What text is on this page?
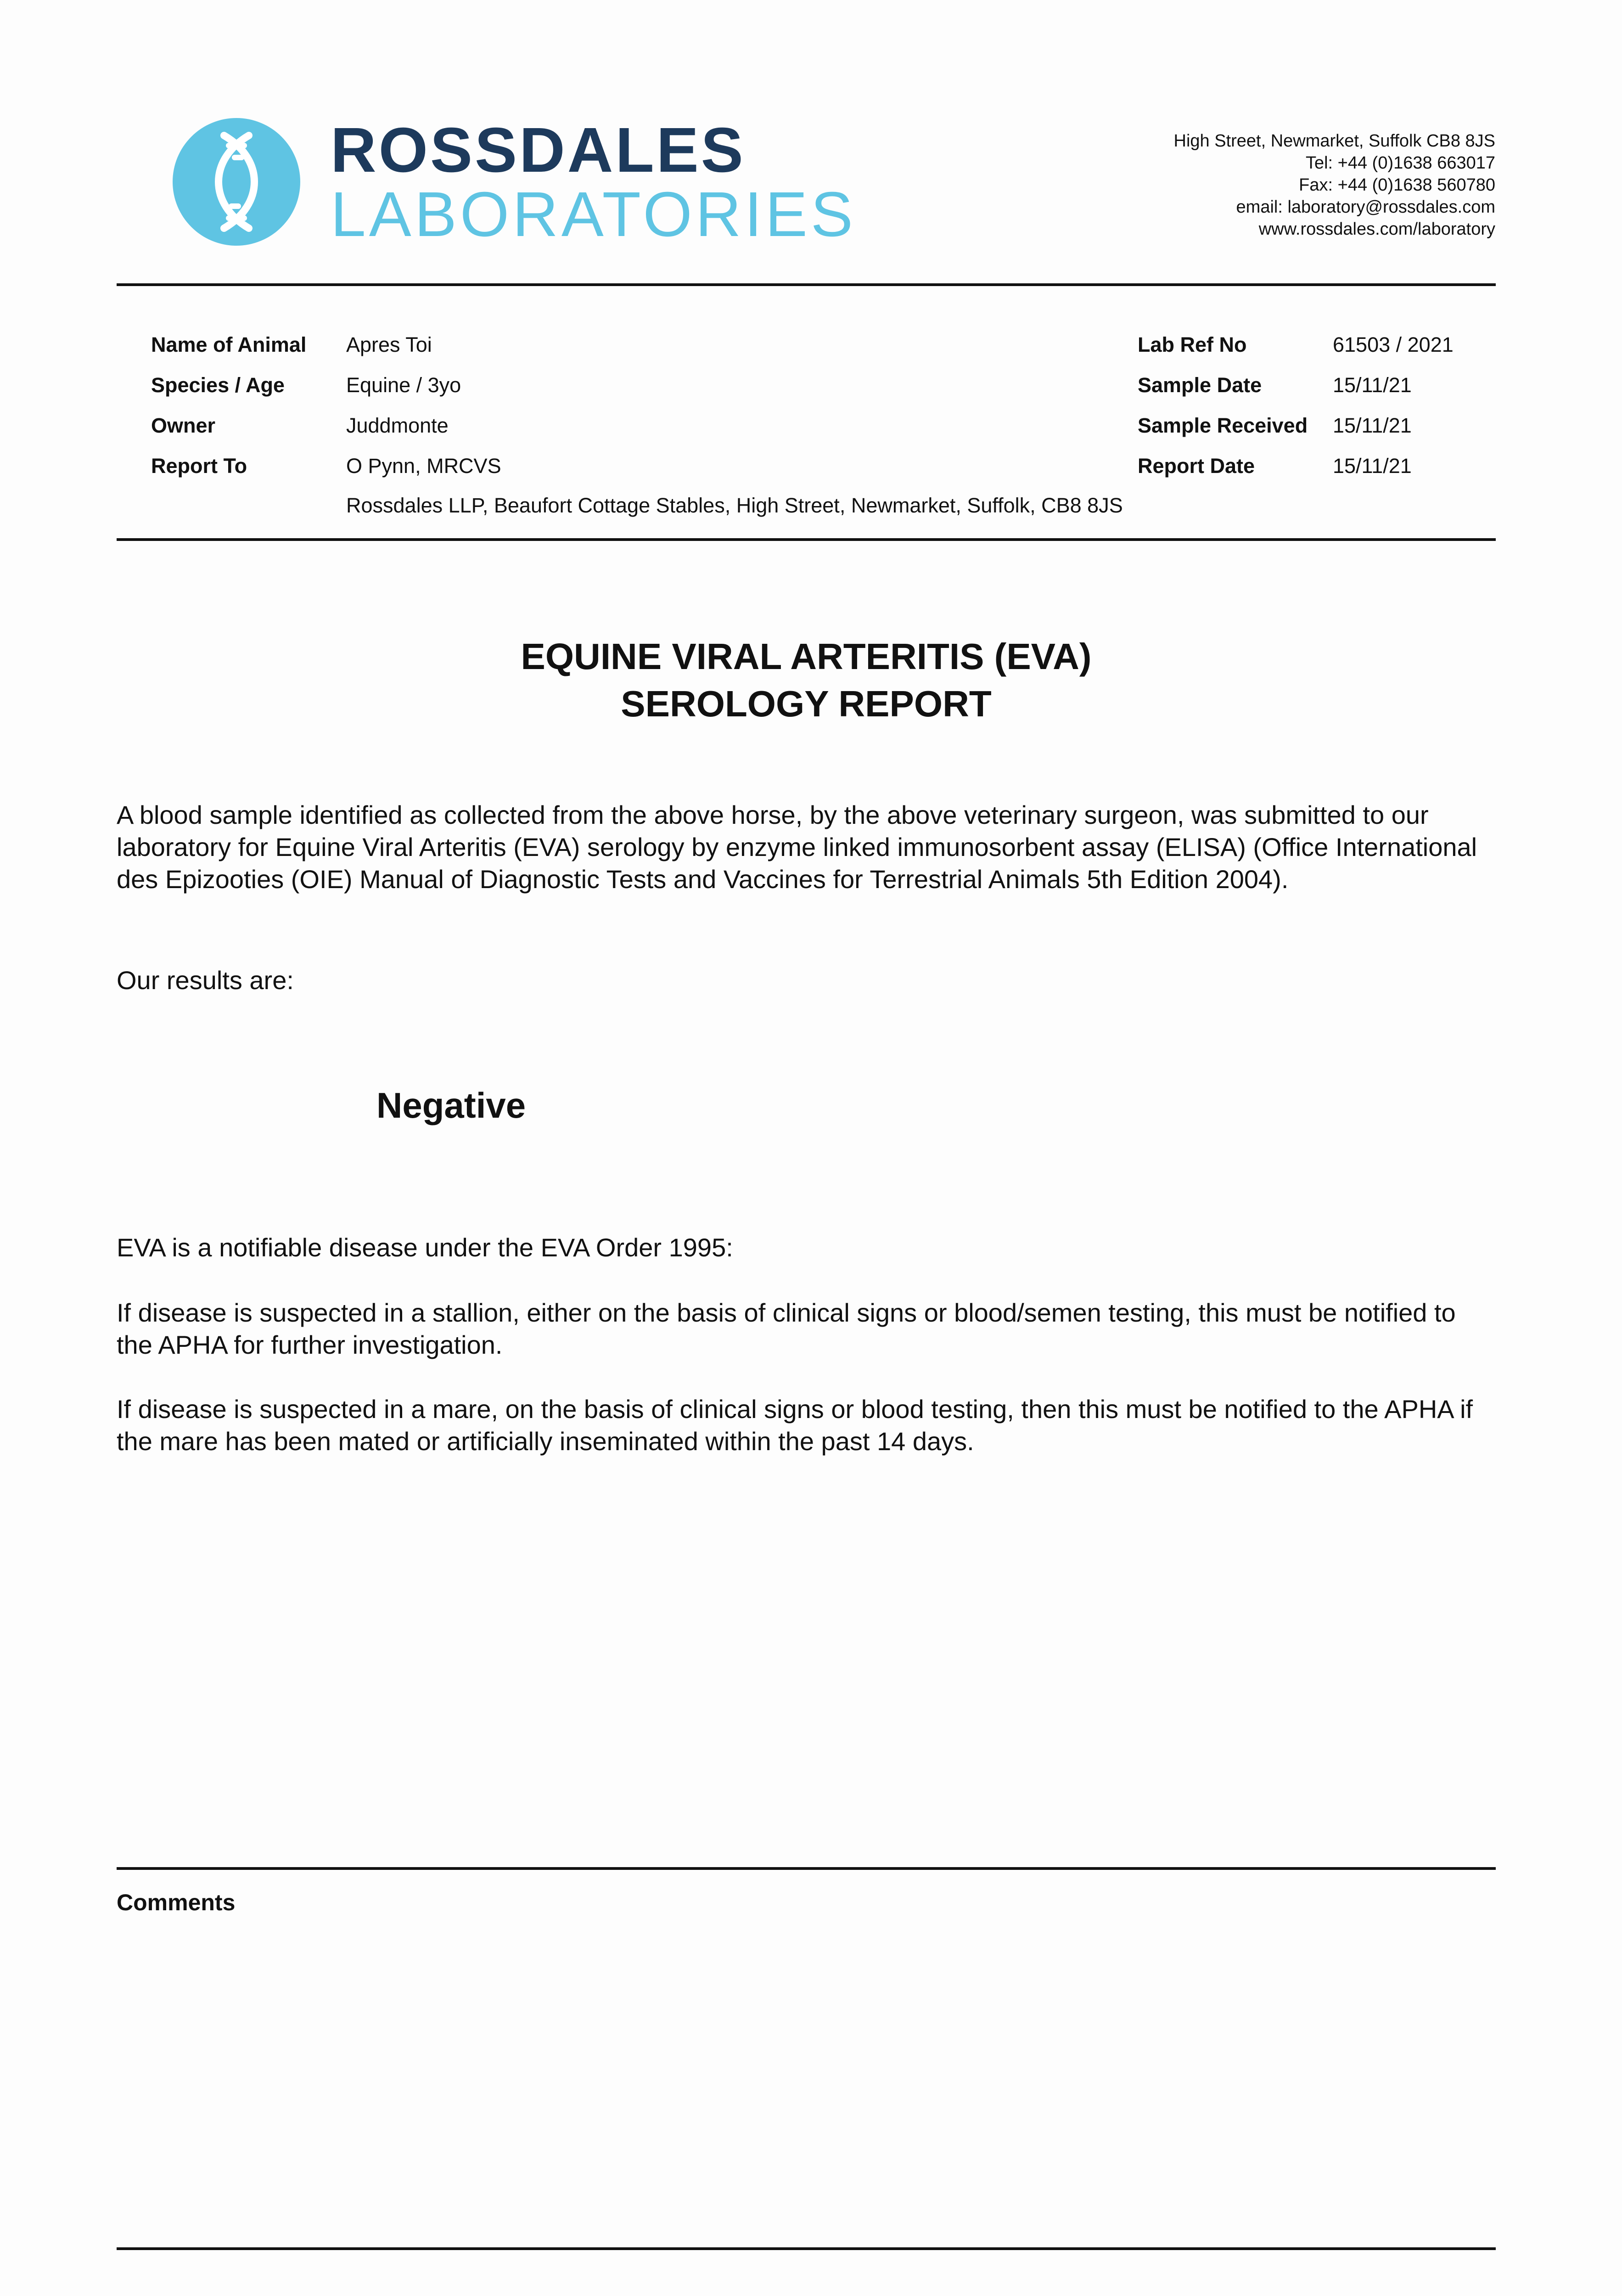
ROSSDALES
LABORATORIES
High Street, Newmarket, Suffolk CB8 8JS
Tel: +44 (0)1638 663017
Fax: +44 (0)1638 560780
email: laboratory@rossdales.com
www.rossdales.com/laboratory
Name of Animal Apres Toi
Species / Age	Equine / 3yo
Owner	Juddmonte
Report To	O Pynn, MRCVS
Rossdales LLP, Beaufort Cottage Stables, High Street, Newmarket, Suffolk, CB8 8JS
Lab Ref No	61503 / 2021
Sample Date	15/11/21
Sample Received 15/11/21
Report Date	15/11/21
EQUINE VIRAL ARTERITIS (EVA)
SEROLOGY REPORT
A blood sample identified as collected from the above horse, by the above veterinary surgeon, was submitted to our laboratory for Equine Viral Arteritis (EVA) serology by enzyme linked immunosorbent assay (ELISA) (Office International des Epizooties (OIE) Manual of Diagnostic Tests and Vaccines for Terrestrial Animals 5th Edition 2004).
Our results are:
Negative
EVA is a notifiable disease under the EVA Order 1995:
If disease is suspected in a stallion, either on the basis of clinical signs or blood/semen testing, this must be notified to the APHA for further investigation.
If disease is suspected in a mare, on the basis of clinical signs or blood testing, then this must be notified to the APHA if the mare has been mated or artificially inseminated within the past 14 days.
Comments
